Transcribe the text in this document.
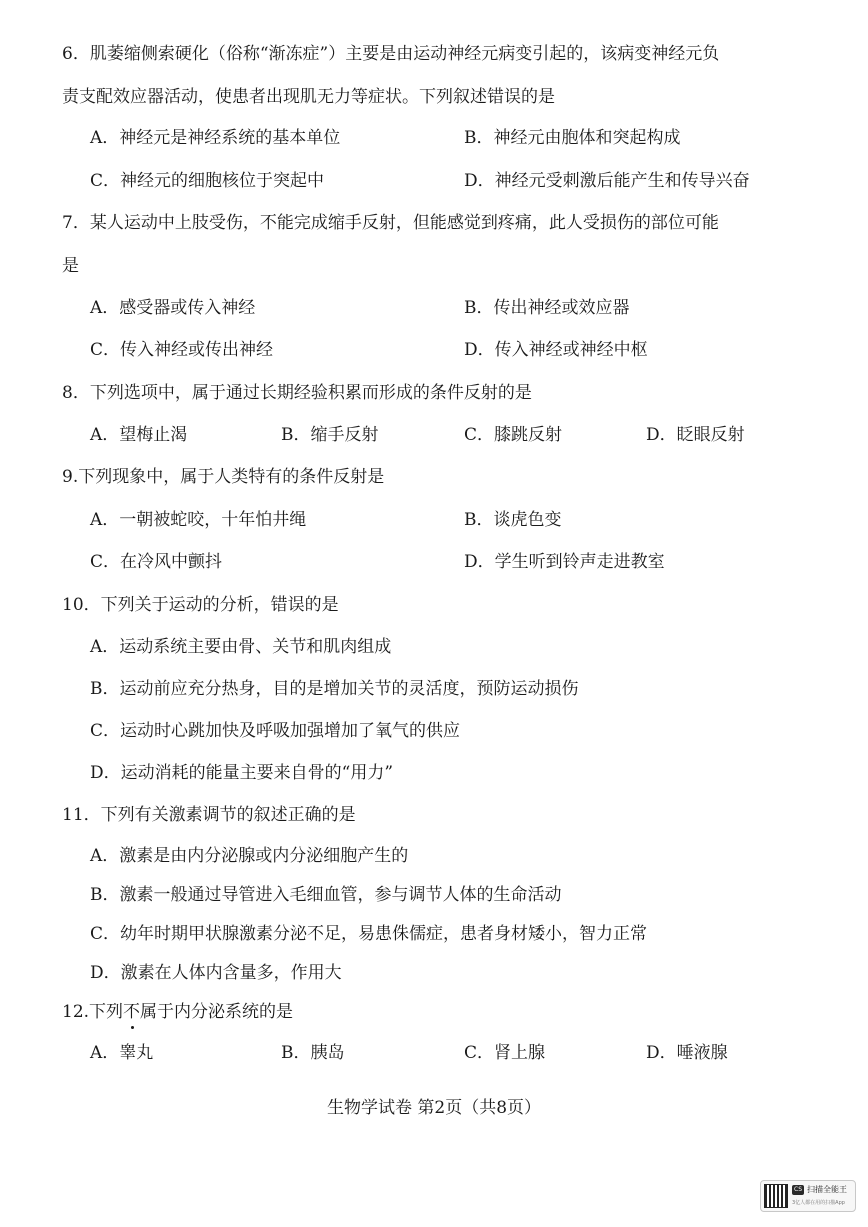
6．肌萎缩侧索硬化（俗称“渐冻症”）主要是由运动神经元病变引起的，该病变神经元负
责支配效应器活动，使患者出现肌无力等症状。下列叙述错误的是
A．神经元是神经系统的基本单位	B．神经元由胞体和突起构成
C．神经元的细胞核位于突起中	D．神经元受刺激后能产生和传导兴奋
7．某人运动中上肢受伤，不能完成缩手反射，但能感觉到疼痛，此人受损伤的部位可能
是
A．感受器或传入神经	B．传出神经或效应器
C．传入神经或传出神经	D．传入神经或神经中枢
8．下列选项中，属于通过长期经验积累而形成的条件反射的是
A．望梅止渴	B．缩手反射	C．膝跳反射	D．眨眼反射
9.下列现象中，属于人类特有的条件反射是
A．一朝被蛇咬，十年怕井绳	B．谈虎色变
C．在冷风中颤抖	D．学生听到铃声走进教室
10．下列关于运动的分析，错误的是
A．运动系统主要由骨、关节和肌肉组成
B．运动前应充分热身，目的是增加关节的灵活度，预防运动损伤
C．运动时心跳加快及呼吸加强增加了氧气的供应
D．运动消耗的能量主要来自骨的“用力”
11．下列有关激素调节的叙述正确的是
A．激素是由内分泌腺或内分泌细胞产生的
B．激素一般通过导管进入毛细血管，参与调节人体的生命活动
C．幼年时期甲状腺激素分泌不足，易患侏儒症，患者身材矮小，智力正常
D．激素在人体内含量多，作用大
12.下列不属于内分泌系统的是
A．睾丸	B．胰岛	C．肾上腺	D．唾液腺
生物学试卷 第2页（共8页）
CS 扫描全能王
3亿人都在用的扫描App
